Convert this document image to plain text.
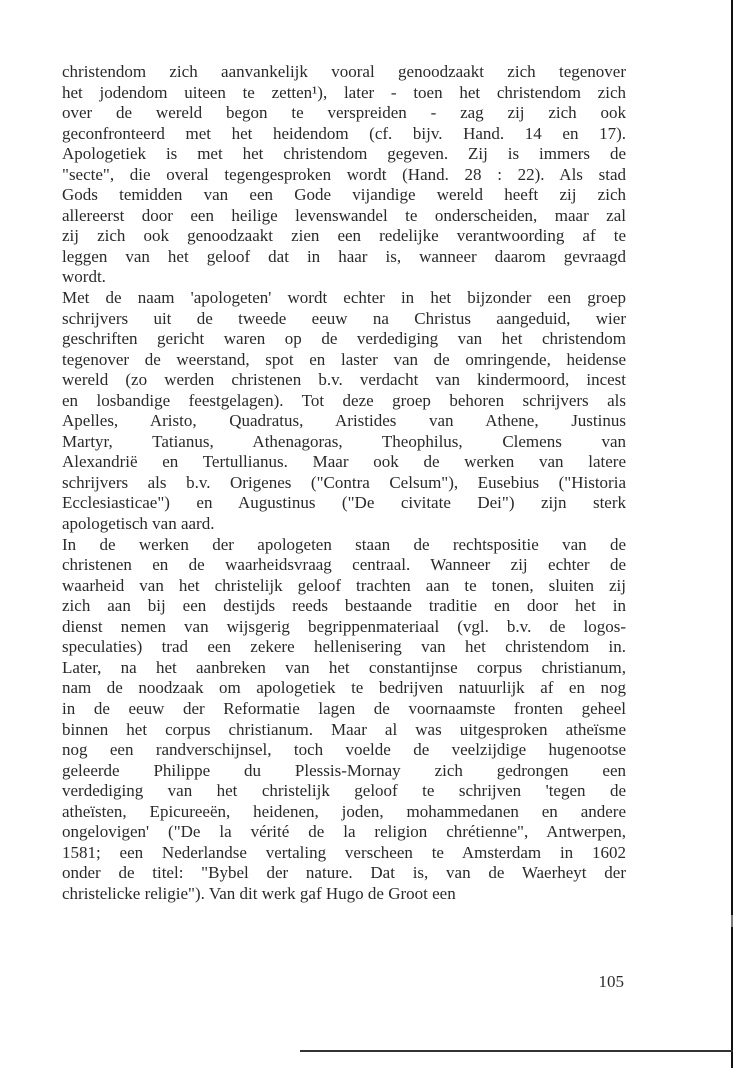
christendom zich aanvankelijk vooral genoodzaakt zich tegenover
het jodendom uiteen te zetten¹), later - toen het christendom zich
over de wereld begon te verspreiden - zag zij zich ook
geconfronteerd met het heidendom (cf. bijv. Hand. 14 en 17).
Apologetiek is met het christendom gegeven. Zij is immers de
"secte", die overal tegengesproken wordt (Hand. 28 : 22). Als stad
Gods temidden van een Gode vijandige wereld heeft zij zich
allereerst door een heilige levenswandel te onderscheiden, maar zal
zij zich ook genoodzaakt zien een redelijke verantwoording af te
leggen van het geloof dat in haar is, wanneer daarom gevraagd
wordt.

Met de naam 'apologeten' wordt echter in het bijzonder een groep
schrijvers uit de tweede eeuw na Christus aangeduid, wier
geschriften gericht waren op de verdediging van het christendom
tegenover de weerstand, spot en laster van de omringende, heidense
wereld (zo werden christenen b.v. verdacht van kindermoord, incest
en losbandige feestgelagen). Tot deze groep behoren schrijvers als
Apelles, Aristo, Quadratus, Aristides van Athene, Justinus
Martyr, Tatianus, Athenagoras, Theophilus, Clemens van
Alexandrië en Tertullianus. Maar ook de werken van latere
schrijvers als b.v. Origenes ("Contra Celsum"), Eusebius ("Historia
Ecclesiasticae") en Augustinus ("De civitate Dei") zijn sterk
apologetisch van aard.

In de werken der apologeten staan de rechtspositie van de
christenen en de waarheidsvraag centraal. Wanneer zij echter de
waarheid van het christelijk geloof trachten aan te tonen, sluiten zij
zich aan bij een destijds reeds bestaande traditie en door het in
dienst nemen van wijsgerig begrippenmateriaal (vgl. b.v. de logos-
speculaties) trad een zekere hellenisering van het christendom in.
Later, na het aanbreken van het constantijnse corpus christianum,
nam de noodzaak om apologetiek te bedrijven natuurlijk af en nog
in de eeuw der Reformatie lagen de voornaamste fronten geheel
binnen het corpus christianum. Maar al was uitgesproken atheïsme
nog een randverschijnsel, toch voelde de veelzijdige hugenootse
geleerde Philippe du Plessis-Mornay zich gedrongen een
verdediging van het christelijk geloof te schrijven 'tegen de
atheïsten, Epicureeën, heidenen, joden, mohammedanen en andere
ongelovigen' ("De la vérité de la religion chrétienne", Antwerpen,
1581; een Nederlandse vertaling verscheen te Amsterdam in 1602
onder de titel: "Bybel der nature. Dat is, van de Waerheyt der
christelicke religie"). Van dit werk gaf Hugo de Groot een

105
